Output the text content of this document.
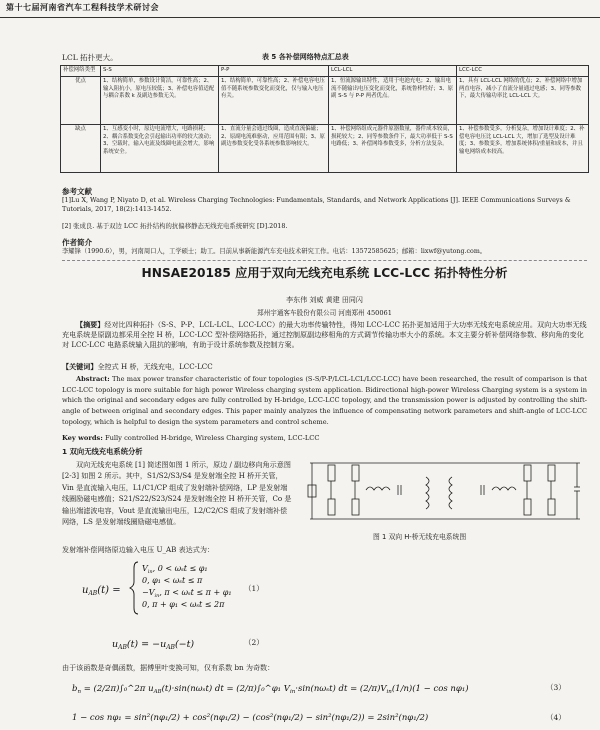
第十七届河南省汽车工程科技学术研讨会
LCL 拓扑更大。	表 5 各补偿网络特点汇总表
补偿网络类型	S-S	P-P	LCL-LCL	LCC-LCC
优点	1、结构简单，参数设计简洁，可靠性高；2、输入阻抗小，原电压较低；3、补偿电容值适配与耦合系数 k 及副边参数无关。	1、结构简单，可靠性高；2、补偿电容电压值不随系统参数变化而变化，仅与输入电压有关。	1、恒流源输出特性，适用于电池充电；2、输出电流不随输出电压变化而变化，系统鲁棒性好；3、原副 S-S 与 P-P 两者优点。	1、具有 LCL-LCL 网络的优点；2、补偿网络中增加两直电容，减小了直流分量通过电感；3、同等参数下，最大传输功率比 LCL-LCL 大。
缺点	1、互感变小时，原边电流增大，电路损耗；2、耦合系数变化会引起输出功率的较大波动；3、空载时，输入电流及线圈电流会增大，影响系统安全。	1、直流分量会通过线圈，造成直流偏磁；2、原副电流难驱动，应用范围有限；3、原副边参数变化受各系统参数影响较大。	1、补偿网络组成元器件原器数量，器件成本较高，损耗较大；2、同等参数条件下，最大功率低于 S-S 电路低；3、补偿网络参数受多，分析方法复杂。	1、补偿参数受多，分析复杂，增加设计难度；2、补偿电容电压比 LCL-LCL 大，增加了选型及设计难度；3、参数变多，增加系统体积/重量和成本，并且输电网络成本较高。
参考文献
[1]Lu X, Wang P, Niyato D, et al. Wireless Charging Technologies: Fundamentals, Standards, and Network Applications [J]. IEEE Communications Surveys & Tutorials, 2017, 18(2):1413-1452.
[2] 张成良. 基于双边 LCC 拓扑结构的抗偏移静态无线充电系统研究 [D].2018.
作者简介
李耀锋（1990.6），男，河南周口人，工学硕士；助工。目前从事新能源汽车充电技术研究工作。电话：13572585625；邮箱：lixwf@yutong.com。
HNSAE20185 应用于双向无线充电系统 LCC-LCC 拓扑特性分析
李东伟 刘威 黄建 田同闪
郑州宇通客车股份有限公司 河南郑州 450061
【摘要】经对比四种拓扑（S-S、P-P、LCL-LCL、LCC-LCC）的最大功率传输特性，得知 LCC-LCC 拓扑更加适用于大功率无线充电系统应用。双向大功率无线充电系统是原副边都采用全控 H 桥，LCC-LCC 型补偿网络拓扑，通过控制原副边移相角的方式调节传输功率大小的系统。本文主要分析补偿网络参数、移向角的变化对 LCC-LCC 电路系统输入阻抗的影响，有助于设计系统参数及控制方案。
【关键词】全控式 H 桥，无线充电，LCC-LCC
Abstract: The max power transfer characteristic of four topologies (S-S/P-P/LCL-LCL/LCC-LCC) have been researched, the result of comparison is that LCC-LCC topology is more suitable for high power Wireless charging system application. Bidirectional high-power Wireless Charging system is a system in which the original and secondary edges are fully controlled by H-bridge, LCC-LCC topology, and the transmission power is adjusted by controlling the shift-angle of between original and secondary edges. This paper mainly analyzes the influence of compensating network parameters and shift-angle of LCC-LCC topology, which is helpful to design the system parameters and control scheme.
Key words: Fully controlled H-bridge, Wireless Charging system, LCC-LCC
1 双向无线充电系统分析
双向无线充电系统 [1] 简述图如图 1 所示，原边 / 副边移向角示意图 [2-3] 如图 2 所示。其中，S1/S2/S3/S4 是发射端全控 H 桥开关管，Vin 是直流输入电压，L1/C1/CP 组成了发射端补偿网络，LP 是发射端线圈励磁电感值；S21/S22/S23/S24 是发射端全控 H 桥开关管，Co 是输出端滤波电容，Vout 是直流输出电压，L2/C2/CS 组成了发射端补偿网络，LS 是发射端线圈励磁电感值。
图 1 双向 H-桥无线充电系统图
发射端补偿网络原边输入电压 U_AB 表达式为：
$u_{AB}(t)$ =
$V_{in}$, 0 < ωₛt ≤ φ₁
0, φ₁ < ωₛt ≤ π
$-V_{in}$, π < ωₛt ≤ π + φ₁
0, π + φ₁ < ωₛt ≤ 2π
（1）
$u_{AB}(t) = -u_{AB}(-t)$	（2）
由于该函数是奇偶函数，据傅里叶变换可知，仅有系数 bn 为奇数：
$b_n$ = (2/2π)∫₀^2π $u_{AB}(t)\cdot\sin(n\omega_st)$ dt = (2/π)∫₀^φ₁ $V_{in}\cdot\sin(n\omega_st)$ dt = $(2/\pi)V_{in}(1/n)(1 - \cos n\varphi_1)$	（3）
1 − cos nφ₁ = sin²(nφ₁/2) + cos²(nφ₁/2) − (cos²(nφ₁/2) − sin²(nφ₁/2)) = 2sin²(nφ₁/2)	（4）
